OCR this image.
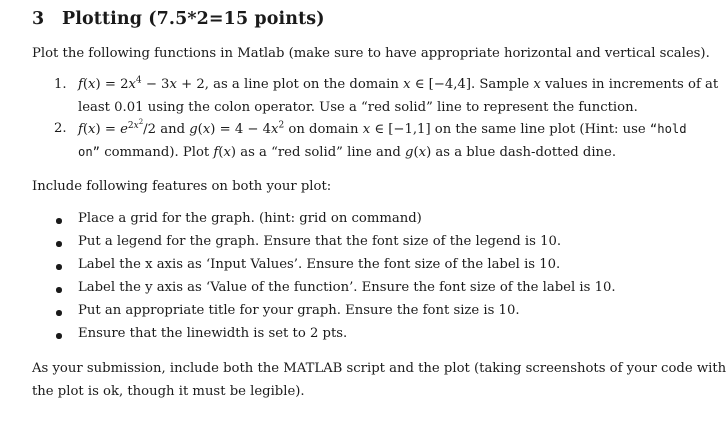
3 Plotting (7.5*2=15 points)
Plot the following functions in Matlab (make sure to have appropriate horizontal and vertical scales).
1. $f(x) = 2x^4 - 3x + 2$, as a line plot on the domain x ∈ [−4,4]. Sample x values in increments of at
least 0.01 using the colon operator. Use a “red solid” line to represent the function.
2. $f(x) = e^{2x^2}/2$ and $g(x) = 4 - 4x^2$ on domain x ∈ [−1,1] on the same line plot (Hint: use “hold
on” command). Plot f(x) as a “red solid” line and g(x) as a blue dash-dotted dine.
Include following features on both your plot:
Place a grid for the graph. (hint: grid on command)
Put a legend for the graph. Ensure that the font size of the legend is 10.
Label the x axis as ‘Input Values’. Ensure the font size of the label is 10.
Label the y axis as ‘Value of the function’. Ensure the font size of the label is 10.
Put an appropriate title for your graph. Ensure the font size is 10.
Ensure that the linewidth is set to 2 pts.
As your submission, include both the MATLAB script and the plot (taking screenshots of your code with
the plot is ok, though it must be legible).
